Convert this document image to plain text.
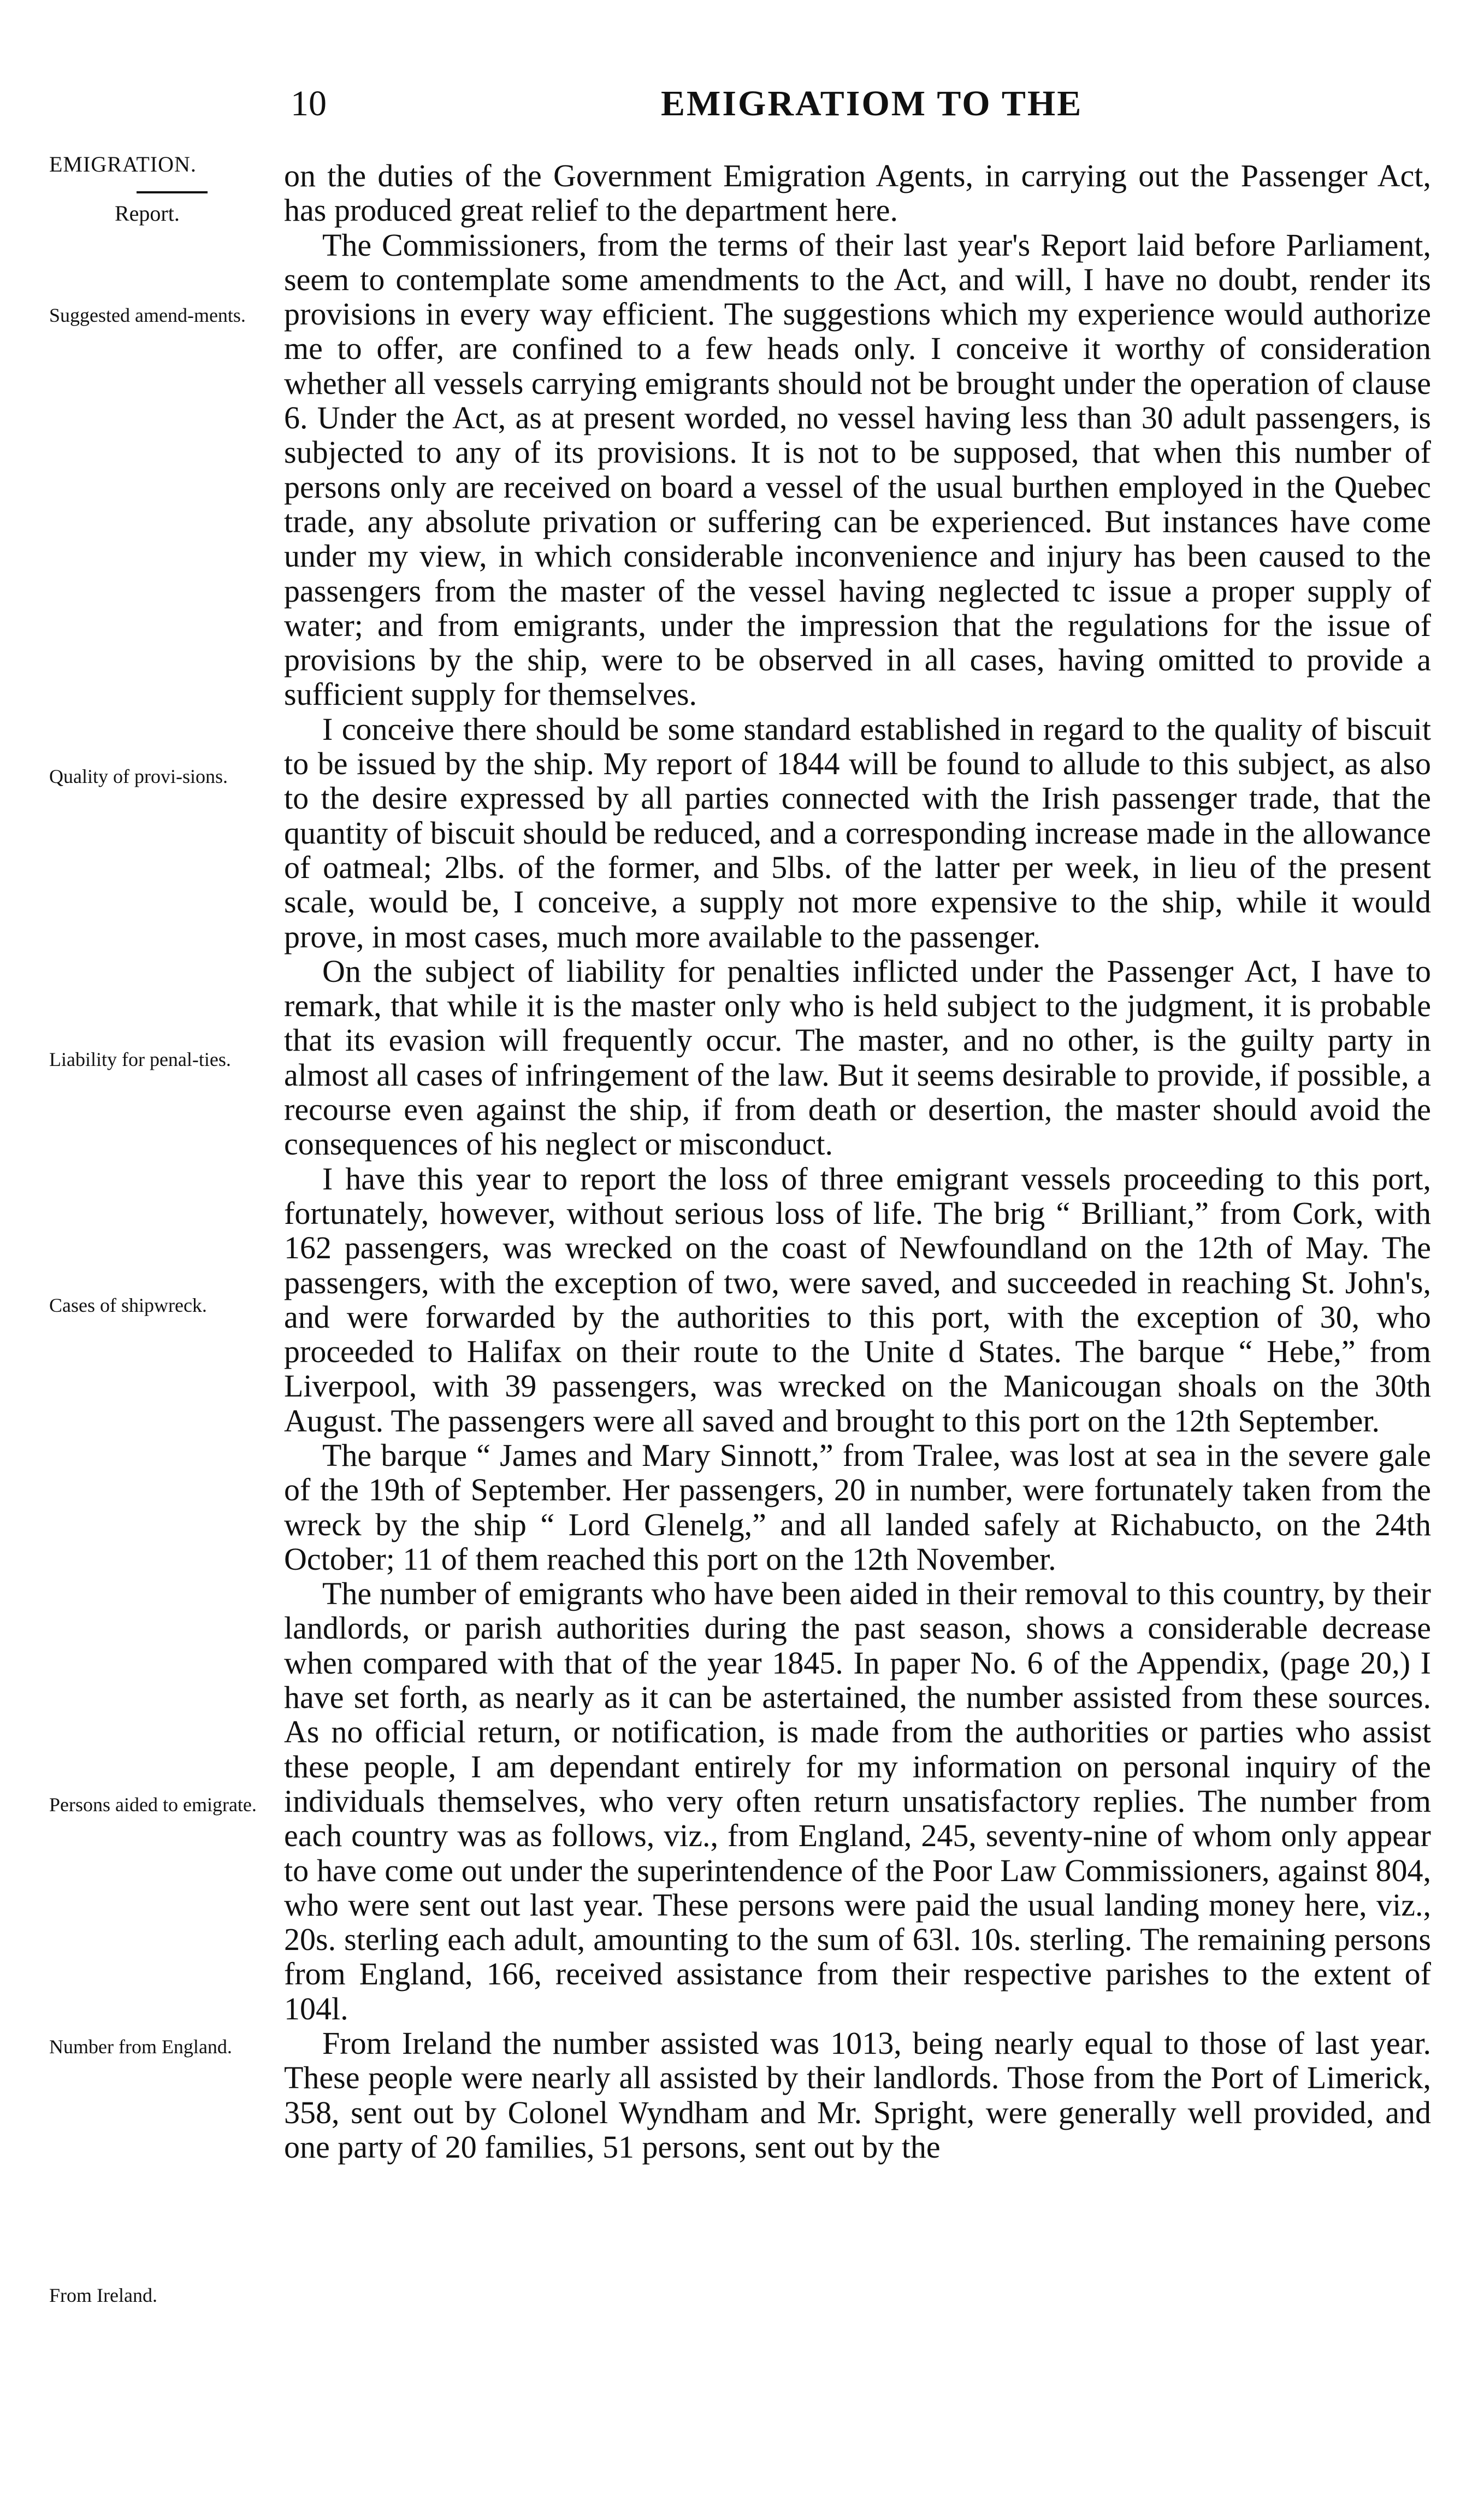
10	EMIGRATIOM TO THE
EMIGRATION.
Report.
Suggested amend-ments.
Quality of provi-sions.
Liability for penal-ties.
Cases of shipwreck.
Persons aided to emigrate.
Number from England.
From Ireland.

on the duties of the Government Emigration Agents, in carrying out the Passenger Act, has produced great relief to the department here.

The Commissioners, from the terms of their last year's Report laid before Parliament, seem to contemplate some amendments to the Act, and will, I have no doubt, render its provisions in every way efficient. The suggestions which my experience would authorize me to offer, are confined to a few heads only. I conceive it worthy of consideration whether all vessels carrying emigrants should not be brought under the operation of clause 6. Under the Act, as at present worded, no vessel having less than 30 adult passengers, is subjected to any of its provisions. It is not to be supposed, that when this number of persons only are received on board a vessel of the usual burthen employed in the Quebec trade, any absolute privation or suffering can be experienced. But instances have come under my view, in which considerable inconvenience and injury has been caused to the passengers from the master of the vessel having neglected tc issue a proper supply of water; and from emigrants, under the impression that the regulations for the issue of provisions by the ship, were to be observed in all cases, having omitted to provide a sufficient supply for themselves.

I conceive there should be some standard established in regard to the quality of biscuit to be issued by the ship. My report of 1844 will be found to allude to this subject, as also to the desire expressed by all parties connected with the Irish passenger trade, that the quantity of biscuit should be reduced, and a corresponding increase made in the allowance of oatmeal; 2lbs. of the former, and 5lbs. of the latter per week, in lieu of the present scale, would be, I conceive, a supply not more expensive to the ship, while it would prove, in most cases, much more available to the passenger.

On the subject of liability for penalties inflicted under the Passenger Act, I have to remark, that while it is the master only who is held subject to the judgment, it is probable that its evasion will frequently occur. The master, and no other, is the guilty party in almost all cases of infringement of the law. But it seems desirable to provide, if possible, a recourse even against the ship, if from death or desertion, the master should avoid the consequences of his neglect or misconduct.

I have this year to report the loss of three emigrant vessels proceeding to this port, fortunately, however, without serious loss of life. The brig “ Brilliant,” from Cork, with 162 passengers, was wrecked on the coast of Newfoundland on the 12th of May. The passengers, with the exception of two, were saved, and succeeded in reaching St. John's, and were forwarded by the authorities to this port, with the exception of 30, who proceeded to Halifax on their route to the Unite d States. The barque “ Hebe,” from Liverpool, with 39 passengers, was wrecked on the Manicougan shoals on the 30th August. The passengers were all saved and brought to this port on the 12th September.

The barque “ James and Mary Sinnott,” from Tralee, was lost at sea in the severe gale of the 19th of September. Her passengers, 20 in number, were fortunately taken from the wreck by the ship “ Lord Glenelg,” and all landed safely at Richabucto, on the 24th October; 11 of them reached this port on the 12th November.

The number of emigrants who have been aided in their removal to this country, by their landlords, or parish authorities during the past season, shows a considerable decrease when compared with that of the year 1845. In paper No. 6 of the Appendix, (page 20,) I have set forth, as nearly as it can be astertained, the number assisted from these sources. As no official return, or notification, is made from the authorities or parties who assist these people, I am dependant entirely for my information on personal inquiry of the individuals themselves, who very often return unsatisfactory replies. The number from each country was as follows, viz., from England, 245, seventy-nine of whom only appear to have come out under the superintendence of the Poor Law Commissioners, against 804, who were sent out last year. These persons were paid the usual landing money here, viz., 20s. sterling each adult, amounting to the sum of 63l. 10s. sterling. The remaining persons from England, 166, received assistance from their respective parishes to the extent of 104l.

From Ireland the number assisted was 1013, being nearly equal to those of last year. These people were nearly all assisted by their landlords. Those from the Port of Limerick, 358, sent out by Colonel Wyndham and Mr. Spright, were generally well provided, and one party of 20 families, 51 persons, sent out by the
